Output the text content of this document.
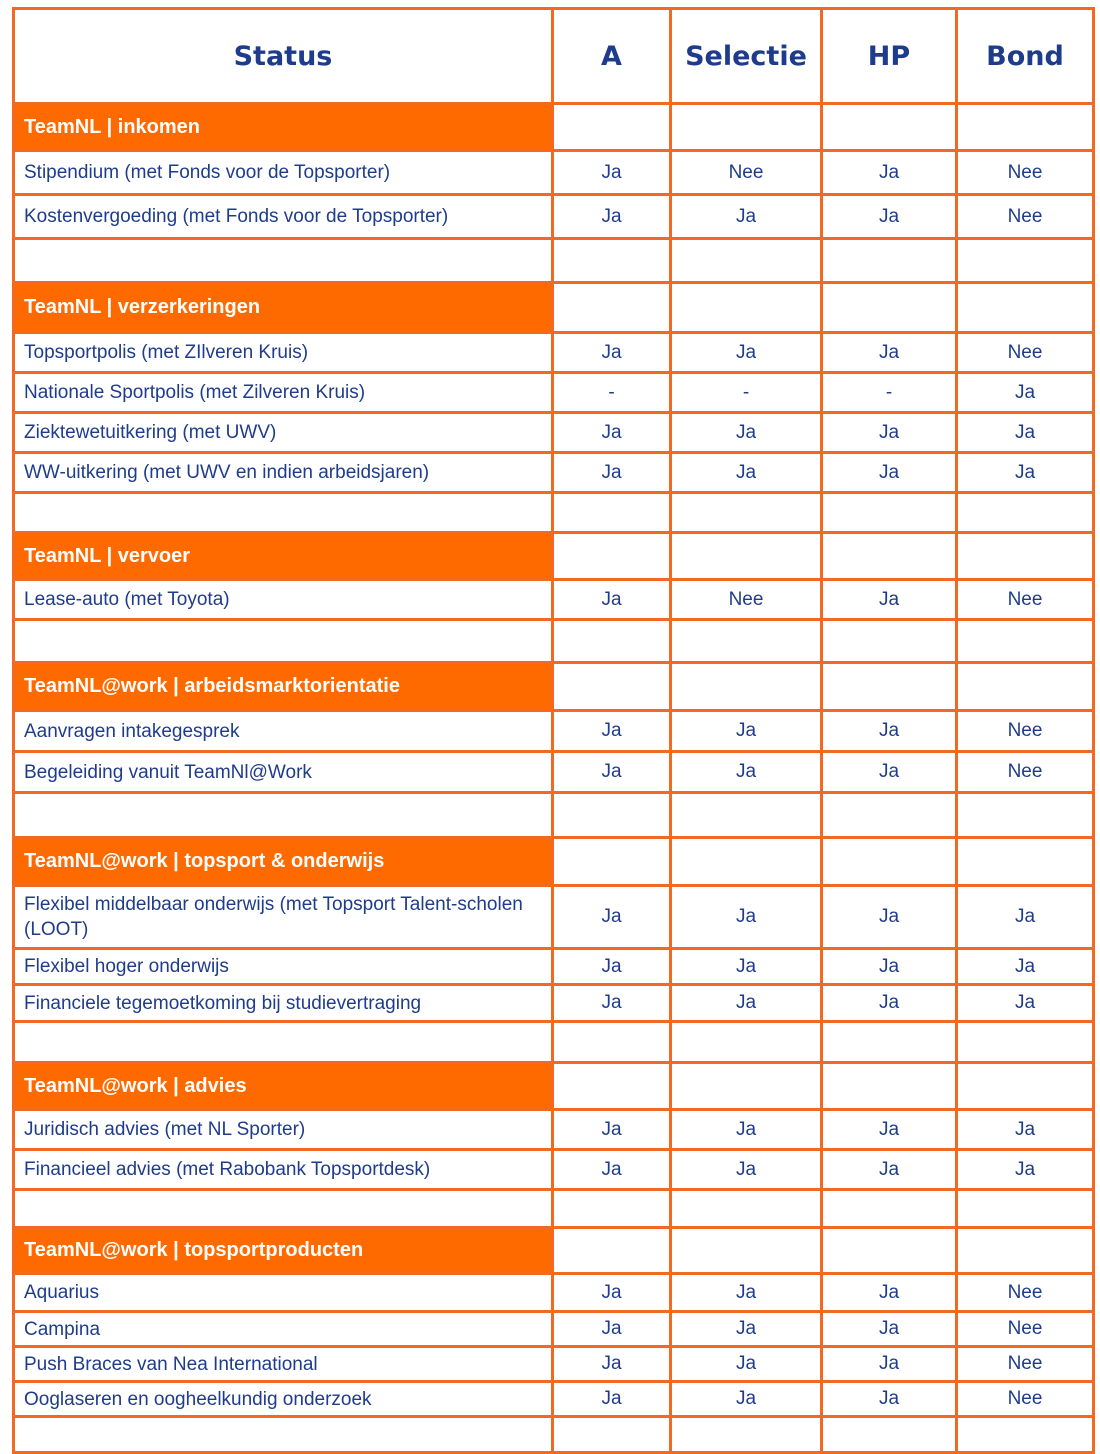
Status	A	Selectie	HP	Bond
TeamNL | inkomen				
Stipendium (met Fonds voor de Topsporter)	Ja	Nee	Ja	Nee
Kostenvergoeding (met Fonds voor de Topsporter)	Ja	Ja	Ja	Nee

TeamNL | verzerkeringen				
Topsportpolis (met ZIlveren Kruis)	Ja	Ja	Ja	Nee
Nationale Sportpolis (met Zilveren Kruis)	-	-	-	Ja
Ziektewetuitkering (met UWV)	Ja	Ja	Ja	Ja
WW-uitkering (met UWV en indien arbeidsjaren)	Ja	Ja	Ja	Ja

TeamNL | vervoer				
Lease-auto (met Toyota)	Ja	Nee	Ja	Nee

TeamNL@work | arbeidsmarktorientatie				
Aanvragen intakegesprek	Ja	Ja	Ja	Nee
Begeleiding vanuit TeamNl@Work	Ja	Ja	Ja	Nee

TeamNL@work | topsport & onderwijs				
Flexibel middelbaar onderwijs (met Topsport Talent-scholen (LOOT)	Ja	Ja	Ja	Ja
Flexibel hoger onderwijs	Ja	Ja	Ja	Ja
Financiele tegemoetkoming bij studievertraging	Ja	Ja	Ja	Ja

TeamNL@work | advies				
Juridisch advies (met NL Sporter)	Ja	Ja	Ja	Ja
Financieel advies (met Rabobank Topsportdesk)	Ja	Ja	Ja	Ja

TeamNL@work | topsportproducten				
Aquarius	Ja	Ja	Ja	Nee
Campina	Ja	Ja	Ja	Nee
Push Braces van Nea International	Ja	Ja	Ja	Nee
Ooglaseren en oogheelkundig onderzoek	Ja	Ja	Ja	Nee
